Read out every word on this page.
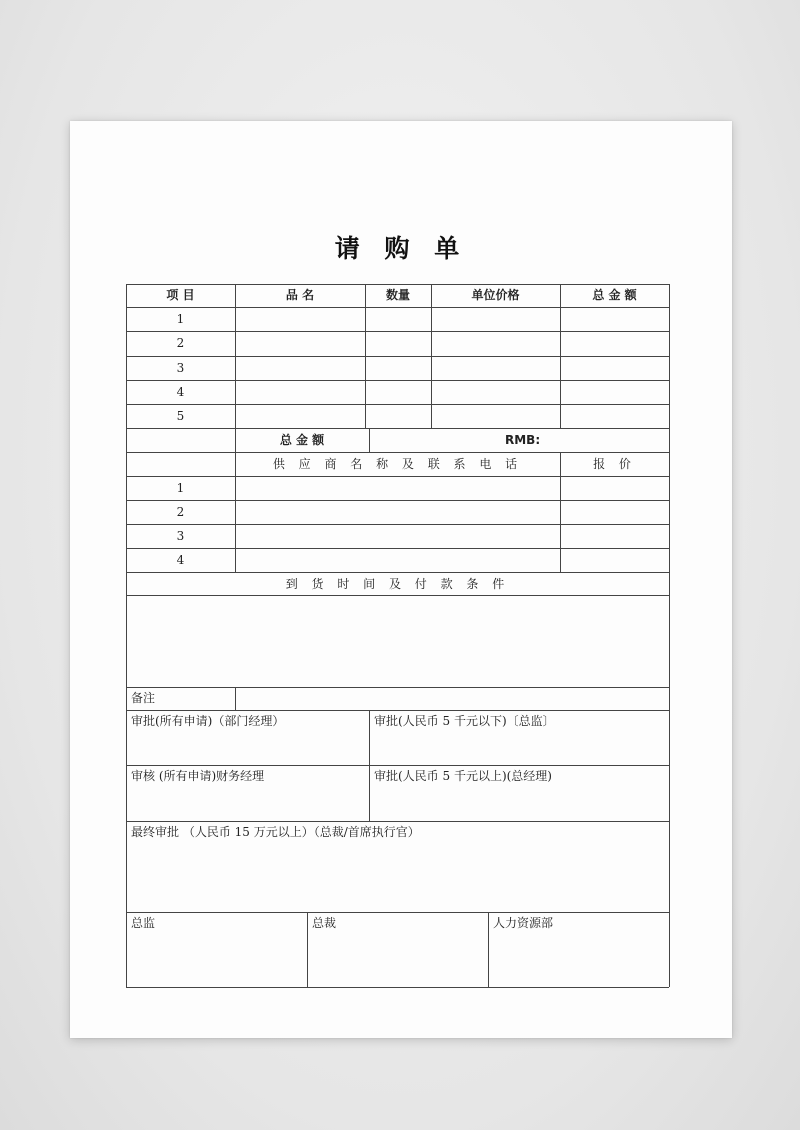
请 购 单
项 目	品 名	数量	单位价格	总 金 额
1
2
3
4
5
总 金 额	RMB:
供 应 商 名 称 及 联 系 电 话	报 价
1
2
3
4
到 货 时 间 及 付 款 条 件
备注
审批(所有申请)（部门经理）	审批(人民币 5 千元以下)〔总监〕
审核 (所有申请)财务经理	审批(人民币 5 千元以上)(总经理)
最终审批 （人民币 15 万元以上）（总裁/首席执行官）
总监	总裁	人力资源部
